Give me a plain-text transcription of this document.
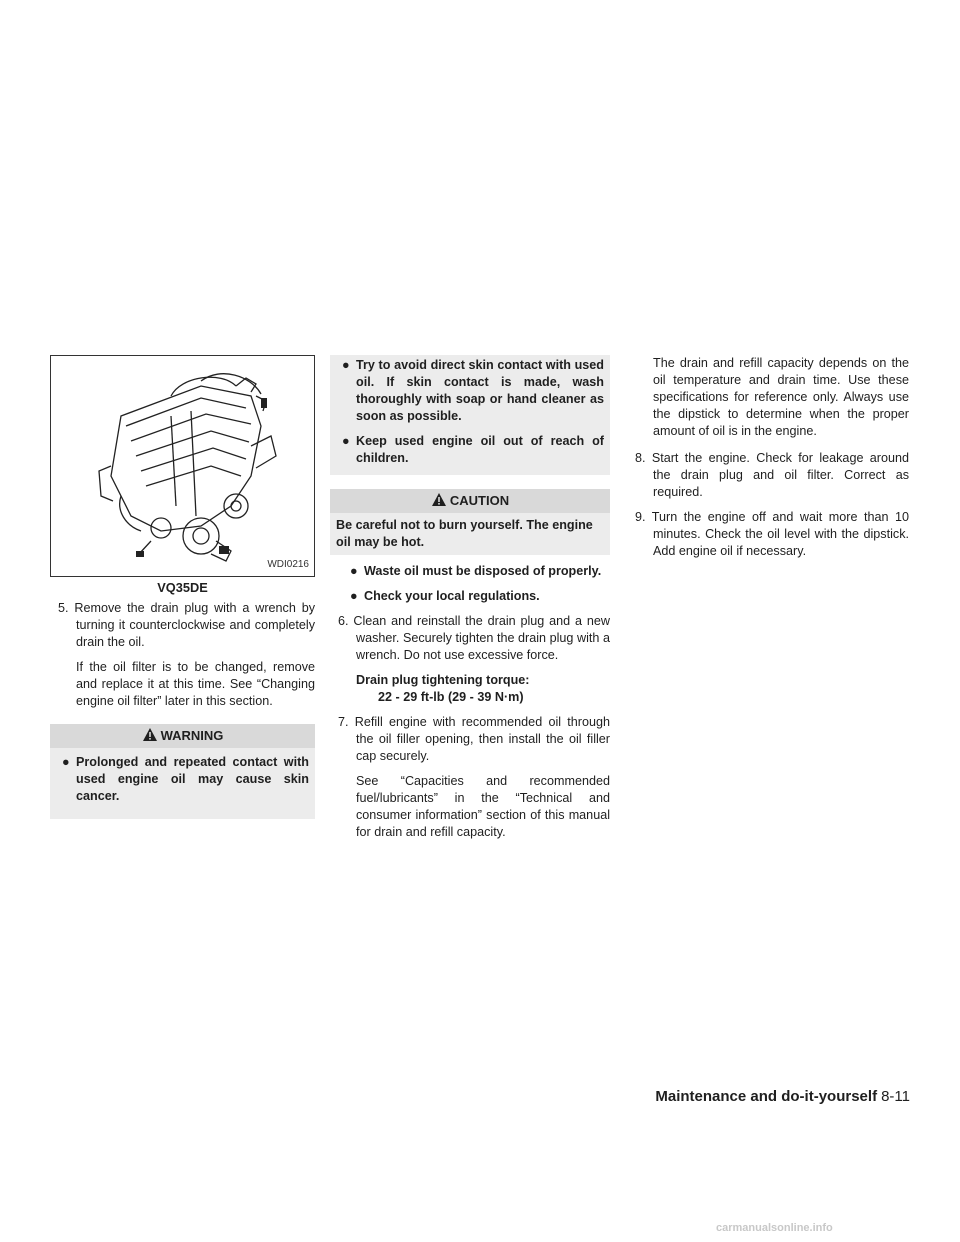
WDI0216
VQ35DE

5. Remove the drain plug with a wrench by turning it counterclockwise and completely drain the oil.

If the oil filter is to be changed, remove and replace it at this time. See “Changing engine oil filter” later in this section.

WARNING

● Prolonged and repeated contact with used engine oil may cause skin cancer.

● Try to avoid direct skin contact with used oil. If skin contact is made, wash thoroughly with soap or hand cleaner as soon as possible.

● Keep used engine oil out of reach of children.

CAUTION

Be careful not to burn yourself. The engine oil may be hot.

● Waste oil must be disposed of properly.

● Check your local regulations.

6. Clean and reinstall the drain plug and a new washer. Securely tighten the drain plug with a wrench. Do not use excessive force.

Drain plug tightening torque:
22 - 29 ft-lb (29 - 39 N·m)

7. Refill engine with recommended oil through the oil filler opening, then install the oil filler cap securely.

See “Capacities and recommended fuel/lubricants” in the “Technical and consumer information” section of this manual for drain and refill capacity.

The drain and refill capacity depends on the oil temperature and drain time. Use these specifications for reference only. Always use the dipstick to determine when the proper amount of oil is in the engine.

8. Start the engine. Check for leakage around the drain plug and oil filter. Correct as required.

9. Turn the engine off and wait more than 10 minutes. Check the oil level with the dipstick. Add engine oil if necessary.

Maintenance and do-it-yourself 8-11
carmanualsonline.info
